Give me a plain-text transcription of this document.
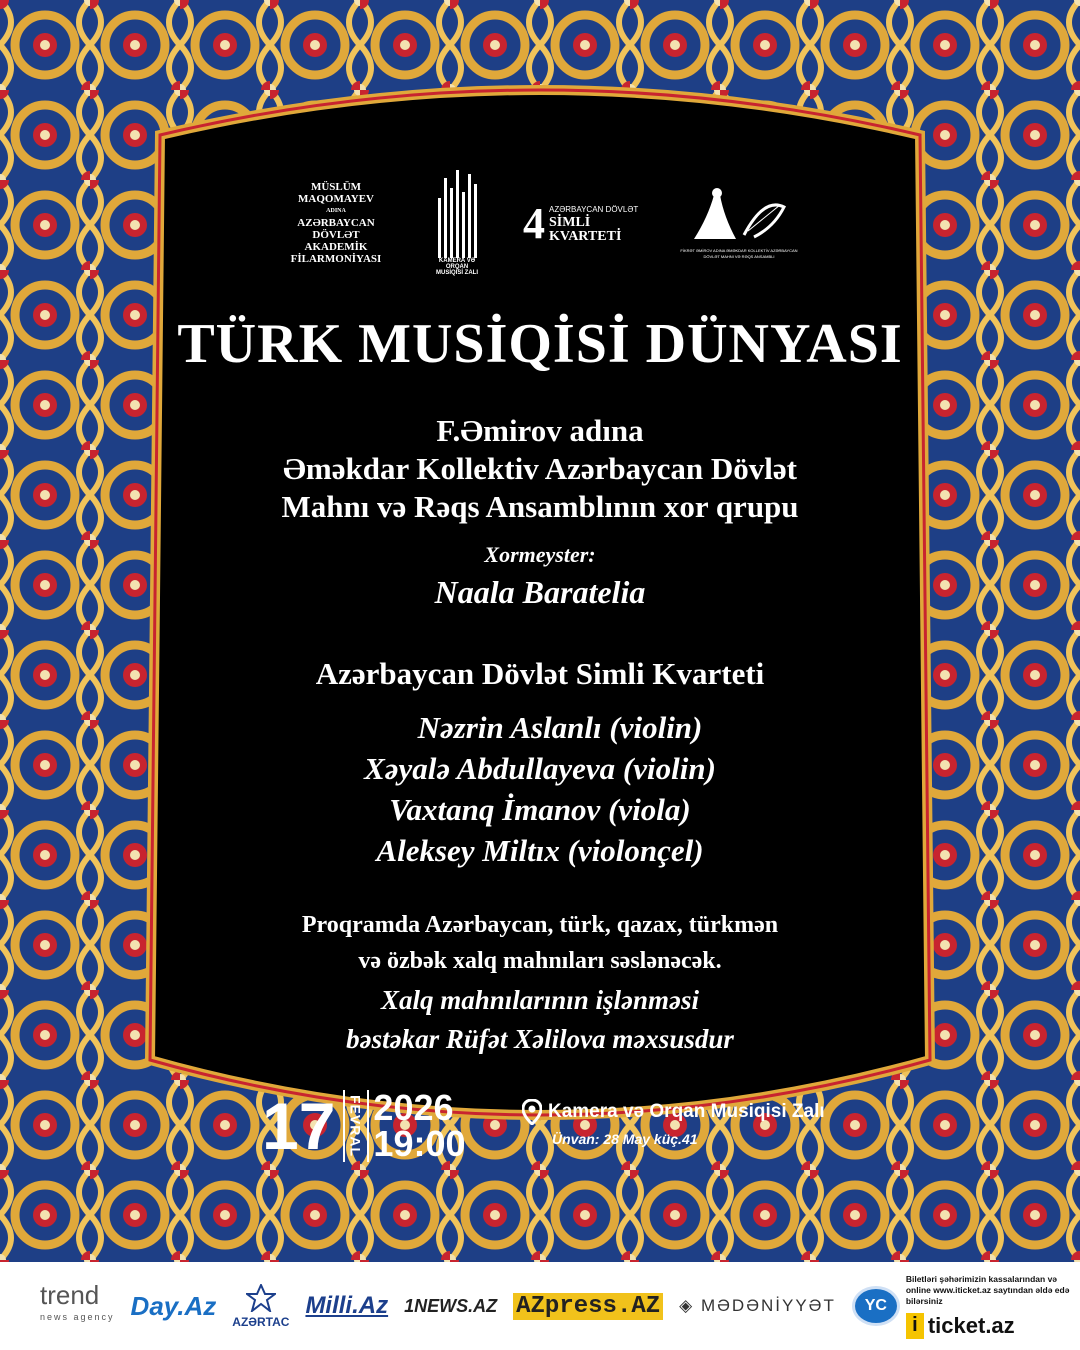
MÜSLÜM MAQOMAYEV

ADINA
AZƏRBAYCAN DÖVLƏT
AKADEMİK
FİLARMONİYASI	KAMERA VƏ ORQAN
MUSİQİSİ ZALI
4 AZƏRBAYCAN DÖVLƏT
SİMLİ
KVARTETİ
FİKRƏT ƏMİROV ADINA ƏMƏKDAR KOLLEKTİV AZƏRBAYCAN DÖVLƏT MAHNI VƏ RƏQS ANSAMBLI
TÜRK MUSİQİSİ DÜNYASI
F.Əmirov adına
Əməkdar Kollektiv Azərbaycan Dövlət
Mahnı və Rəqs Ansamblının xor qrupu
Xormeyster:
Naala Baratelia
Azərbaycan Dövlət Simli Kvarteti
Nəzrin Aslanlı (violin)
Xəyalə Abdullayeva (violin)
Vaxtanq İmanov (viola)
Aleksey Miltıx (violonçel)
Proqramda Azərbaycan, türk, qazax, türkmən
və özbək xalq mahnıları səslənəcək.
Xalq mahnılarının işlənməsi
bəstəkar Rüfət Xəlilova məxsusdur
17 FEVRAL 2026
19:00
Kamera və Orqan Musiqisi Zalı
Ünvan: 28 May küç.41
trend
news agency Day.Az
AZƏRTAC
Milli.Az 1NEWS.AZ AZpress.AZ ◈ MƏDƏNİYYƏT	YC
Biletləri şəhərimizin kassalarından və online www.iticket.az saytından əldə edə bilərsiniz
i ticket.az
